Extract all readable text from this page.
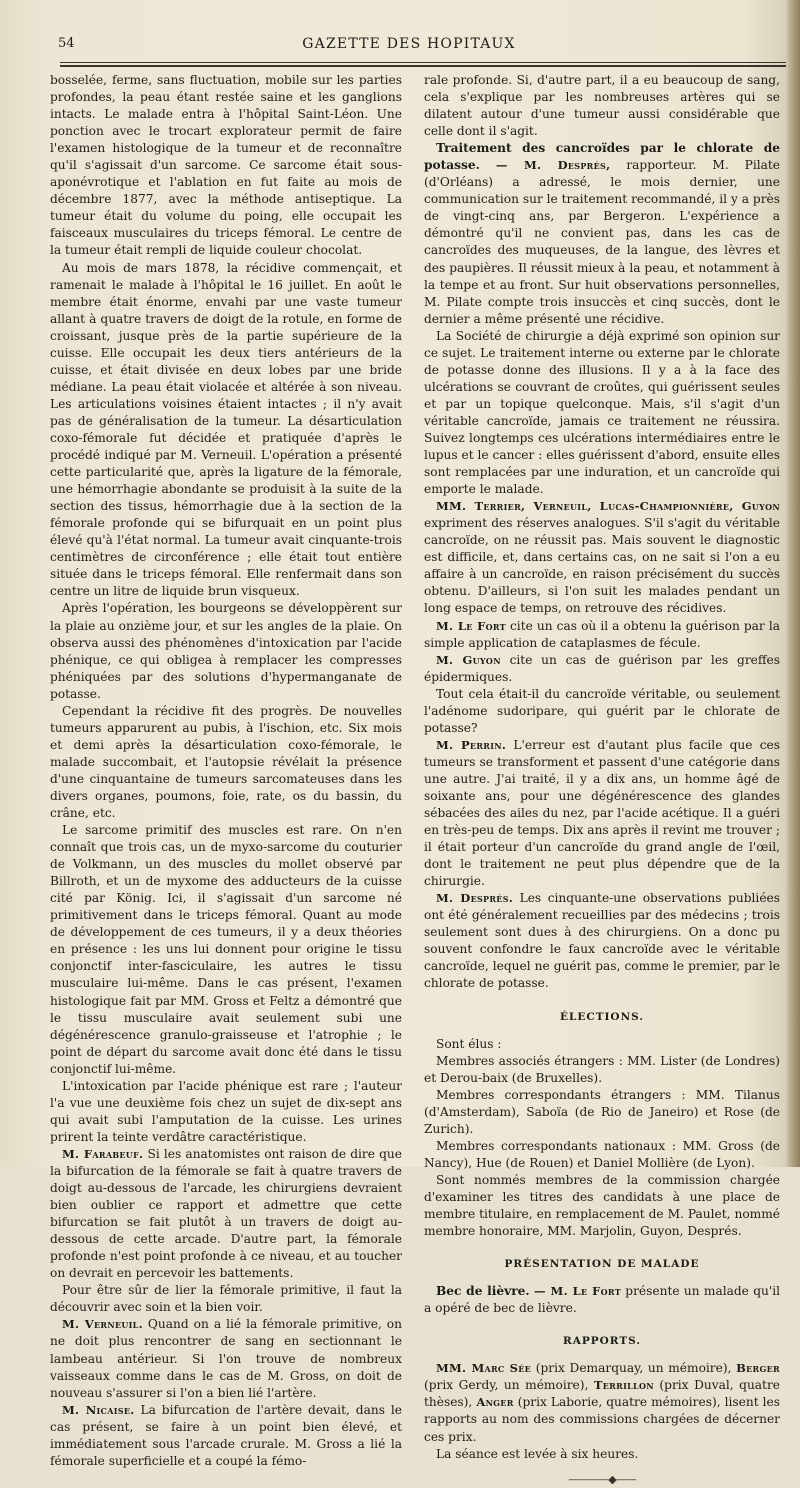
54	GAZETTE DES HOPITAUX

bosselée, ferme, sans fluctuation, mobile sur les parties profondes, la peau étant restée saine et les ganglions intacts. Le malade entra à l'hôpital Saint-Léon. Une ponction avec le trocart explorateur permit de faire l'examen histologique de la tumeur et de reconnaître qu'il s'agissait d'un sarcome. Ce sarcome était sous-aponévrotique et l'ablation en fut faite au mois de décembre 1877, avec la méthode antiseptique. La tumeur était du volume du poing, elle occupait les faisceaux musculaires du triceps fémoral. Le centre de la tumeur était rempli de liquide couleur chocolat.

Au mois de mars 1878, la récidive commençait, et ramenait le malade à l'hôpital le 16 juillet. En août le membre était énorme, envahi par une vaste tumeur allant à quatre travers de doigt de la rotule, en forme de croissant, jusque près de la partie supérieure de la cuisse. Elle occupait les deux tiers antérieurs de la cuisse, et était divisée en deux lobes par une bride médiane. La peau était violacée et altérée à son niveau. Les articulations voisines étaient intactes ; il n'y avait pas de généralisation de la tumeur. La désarticulation coxo-fémorale fut décidée et pratiquée d'après le procédé indiqué par M. Verneuil. L'opération a présenté cette particularité que, après la ligature de la fémorale, une hémorrhagie abondante se produisit à la suite de la section des tissus, hémorrhagie due à la section de la fémorale profonde qui se bifurquait en un point plus élevé qu'à l'état normal. La tumeur avait cinquante-trois centimètres de circonférence ; elle était tout entière située dans le triceps fémoral. Elle renfermait dans son centre un litre de liquide brun visqueux.

Après l'opération, les bourgeons se développèrent sur la plaie au onzième jour, et sur les angles de la plaie. On observa aussi des phénomènes d'intoxication par l'acide phénique, ce qui obligea à remplacer les compresses phéniquées par des solutions d'hypermanganate de potasse.

Cependant la récidive fit des progrès. De nouvelles tumeurs apparurent au pubis, à l'ischion, etc. Six mois et demi après la désarticulation coxo-fémorale, le malade succombait, et l'autopsie révélait la présence d'une cinquantaine de tumeurs sarcomateuses dans les divers organes, poumons, foie, rate, os du bassin, du crâne, etc.

Le sarcome primitif des muscles est rare. On n'en connaît que trois cas, un de myxo-sarcome du couturier de Volkmann, un des muscles du mollet observé par Billroth, et un de myxome des adducteurs de la cuisse cité par König. Ici, il s'agissait d'un sarcome né primitivement dans le triceps fémoral. Quant au mode de développement de ces tumeurs, il y a deux théories en présence : les uns lui donnent pour origine le tissu conjonctif inter-fasciculaire, les autres le tissu musculaire lui-même. Dans le cas présent, l'examen histologique fait par MM. Gross et Feltz a démontré que le tissu musculaire avait seulement subi une dégénérescence granulo-graisseuse et l'atrophie ; le point de départ du sarcome avait donc été dans le tissu conjonctif lui-même.

L'intoxication par l'acide phénique est rare ; l'auteur l'a vue une deuxième fois chez un sujet de dix-sept ans qui avait subi l'amputation de la cuisse. Les urines prirent la teinte verdâtre caractéristique.

M. Farabeuf. Si les anatomistes ont raison de dire que la bifurcation de la fémorale se fait à quatre travers de doigt au-dessous de l'arcade, les chirurgiens devraient bien oublier ce rapport et admettre que cette bifurcation se fait plutôt à un travers de doigt au-dessous de cette arcade. D'autre part, la fémorale profonde n'est point profonde à ce niveau, et au toucher on devrait en percevoir les battements.

Pour être sûr de lier la fémorale primitive, il faut la découvrir avec soin et la bien voir.

M. Verneuil. Quand on a lié la fémorale primitive, on ne doit plus rencontrer de sang en sectionnant le lambeau antérieur. Si l'on trouve de nombreux vaisseaux comme dans le cas de M. Gross, on doit de nouveau s'assurer si l'on a bien lié l'artère.

M. Nicaise. La bifurcation de l'artère devait, dans le cas présent, se faire à un point bien élevé, et immédiatement sous l'arcade crurale. M. Gross a lié la fémorale superficielle et a coupé la fémo-

rale profonde. Si, d'autre part, il a eu beaucoup de sang, cela s'explique par les nombreuses artères qui se dilatent autour d'une tumeur aussi considérable que celle dont il s'agit.

Traitement des cancroïdes par le chlorate de potasse. — M. Després, rapporteur. M. Pilate (d'Orléans) a adressé, le mois dernier, une communication sur le traitement recommandé, il y a près de vingt-cinq ans, par Bergeron. L'expérience a démontré qu'il ne convient pas, dans les cas de cancroïdes des muqueuses, de la langue, des lèvres et des paupières. Il réussit mieux à la peau, et notamment à la tempe et au front. Sur huit observations personnelles, M. Pilate compte trois insuccès et cinq succès, dont le dernier a même présenté une récidive.

La Société de chirurgie a déjà exprimé son opinion sur ce sujet. Le traitement interne ou externe par le chlorate de potasse donne des illusions. Il y a à la face des ulcérations se couvrant de croûtes, qui guérissent seules et par un topique quelconque. Mais, s'il s'agit d'un véritable cancroïde, jamais ce traitement ne réussira. Suivez longtemps ces ulcérations intermédiaires entre le lupus et le cancer : elles guérissent d'abord, ensuite elles sont remplacées par une induration, et un cancroïde qui emporte le malade.

MM. Terrier, Verneuil, Lucas-Championnière, Guyon expriment des réserves analogues. S'il s'agit du véritable cancroïde, on ne réussit pas. Mais souvent le diagnostic est difficile, et, dans certains cas, on ne sait si l'on a eu affaire à un cancroïde, en raison précisément du succès obtenu. D'ailleurs, si l'on suit les malades pendant un long espace de temps, on retrouve des récidives.

M. Le Fort cite un cas où il a obtenu la guérison par la simple application de cataplasmes de fécule.

M. Guyon cite un cas de guérison par les greffes épidermiques.

Tout cela était-il du cancroïde véritable, ou seulement l'adénome sudoripare, qui guérit par le chlorate de potasse?

M. Perrin. L'erreur est d'autant plus facile que ces tumeurs se transforment et passent d'une catégorie dans une autre. J'ai traité, il y a dix ans, un homme âgé de soixante ans, pour une dégénérescence des glandes sébacées des ailes du nez, par l'acide acétique. Il a guéri en très-peu de temps. Dix ans après il revint me trouver ; il était porteur d'un cancroïde du grand angle de l'œil, dont le traitement ne peut plus dépendre que de la chirurgie.

M. Després. Les cinquante-une observations publiées ont été généralement recueillies par des médecins ; trois seulement sont dues à des chirurgiens. On a donc pu souvent confondre le faux cancroïde avec le véritable cancroïde, lequel ne guérit pas, comme le premier, par le chlorate de potasse.

ÉLECTIONS.

Sont élus :

Membres associés étrangers : MM. Lister (de Londres) et Derou-baix (de Bruxelles).

Membres correspondants étrangers : MM. Tilanus (d'Amsterdam), Saboïa (de Rio de Janeiro) et Rose (de Zurich).

Membres correspondants nationaux : MM. Gross (de Nancy), Hue (de Rouen) et Daniel Mollière (de Lyon).

Sont nommés membres de la commission chargée d'examiner les titres des candidats à une place de membre titulaire, en remplacement de M. Paulet, nommé membre honoraire, MM. Marjolin, Guyon, Després.

PRÉSENTATION DE MALADE

Bec de lièvre. — M. Le Fort présente un malade qu'il a opéré de bec de lièvre.

RAPPORTS.

MM. Marc Sée (prix Demarquay, un mémoire), Berger (prix Gerdy, un mémoire), Terrillon (prix Duval, quatre thèses), Anger (prix Laborie, quatre mémoires), lisent les rapports au nom des commissions chargées de décerner ces prix.

La séance est levée à six heures.

————◆——
